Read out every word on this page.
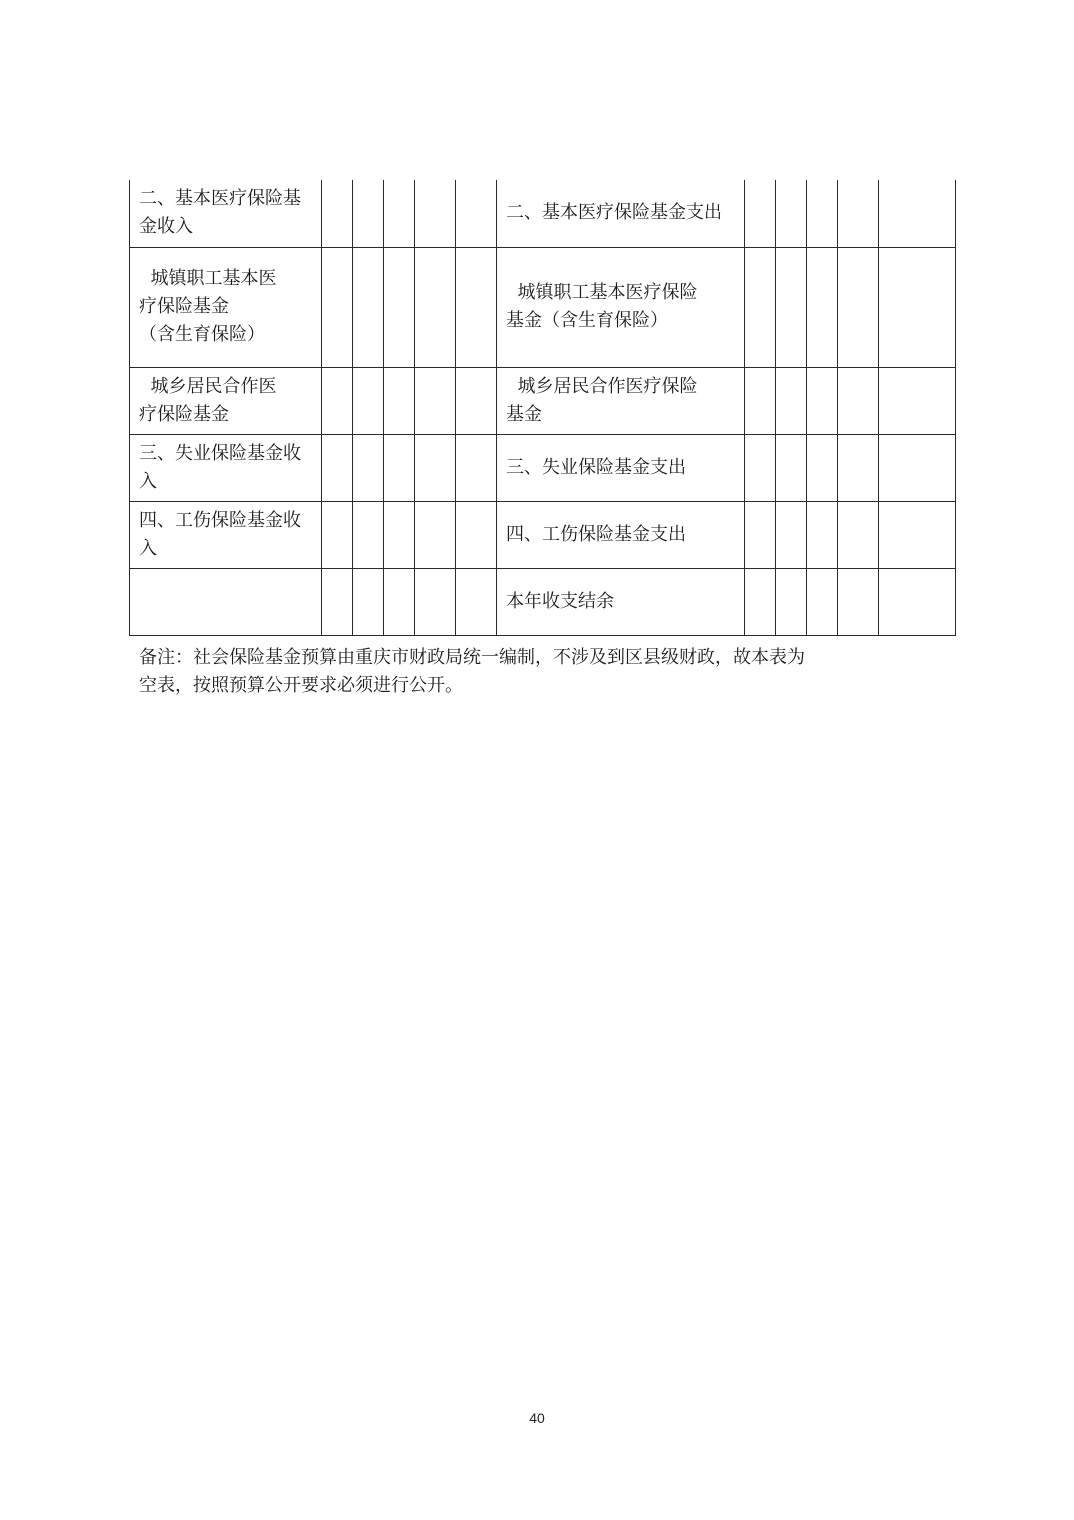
二、基本医疗保险基
金收入						二、基本医疗保险基金支出					

城镇职工基本医
疗保险基金
（含生育保险）						城镇职工基本医疗保险
基金（含生育保险）					

城乡居民合作医
疗保险基金						城乡居民合作医疗保险
基金					

三、失业保险基金收
入						三、失业保险基金支出					

四、工伤保险基金收
入						四、工伤保险基金支出					

						本年收支结余					

备注：社会保险基金预算由重庆市财政局统一编制，不涉及到区县级财政，故本表为
空表，按照预算公开要求必须进行公开。
40
